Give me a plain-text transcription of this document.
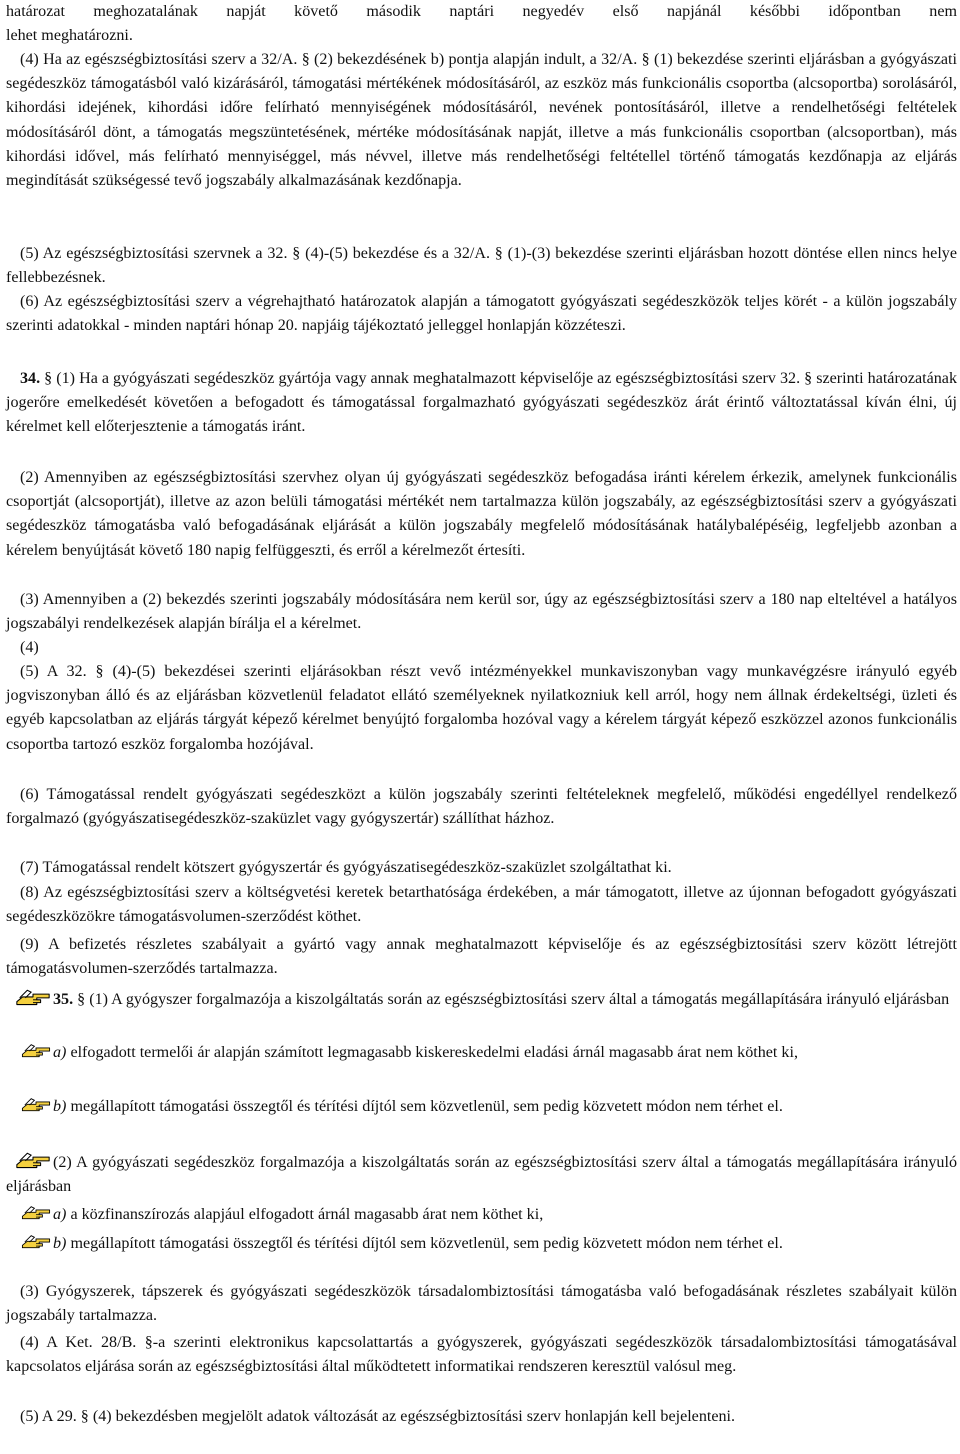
határozat meghozatalának napját követő második naptári negyedév első napjánál későbbi időpontban nem
lehet meghatározni.

(4) Ha az egészségbiztosítási szerv a 32/A. § (2) bekezdésének b) pontja alapján indult, a 32/A. § (1) bekezdése szerinti eljárásban a gyógyászati segédeszköz támogatásból való kizárásáról, támogatási mértékének módosításáról, az eszköz más funkcionális csoportba (alcsoportba) sorolásáról, kihordási idejének, kihordási időre felírható mennyiségének módosításáról, nevének pontosításáról, illetve a rendelhetőségi feltételek módosításáról dönt, a támogatás megszüntetésének, mértéke módosításának napját, illetve a más funkcionális csoportban (alcsoportban), más kihordási idővel, más felírható mennyiséggel, más névvel, illetve más rendelhetőségi feltétellel történő támogatás kezdőnapja az eljárás megindítását szükségessé tevő jogszabály alkalmazásának kezdőnapja.

(5) Az egészségbiztosítási szervnek a 32. § (4)-(5) bekezdése és a 32/A. § (1)-(3) bekezdése szerinti eljárásban hozott döntése ellen nincs helye fellebbezésnek.

(6) Az egészségbiztosítási szerv a végrehajtható határozatok alapján a támogatott gyógyászati segédeszközök teljes körét - a külön jogszabály szerinti adatokkal - minden naptári hónap 20. napjáig tájékoztató jelleggel honlapján közzéteszi.

34. § (1) Ha a gyógyászati segédeszköz gyártója vagy annak meghatalmazott képviselője az egészségbiztosítási szerv 32. § szerinti határozatának jogerőre emelkedését követően a befogadott és támogatással forgalmazható gyógyászati segédeszköz árát érintő változtatással kíván élni, új kérelmet kell előterjesztenie a támogatás iránt.

(2) Amennyiben az egészségbiztosítási szervhez olyan új gyógyászati segédeszköz befogadása iránti kérelem érkezik, amelynek funkcionális csoportját (alcsoportját), illetve az azon belüli támogatási mértékét nem tartalmazza külön jogszabály, az egészségbiztosítási szerv a gyógyászati segédeszköz támogatásba való befogadásának eljárását a külön jogszabály megfelelő módosításának hatálybalépéséig, legfeljebb azonban a kérelem benyújtását követő 180 napig felfüggeszti, és erről a kérelmezőt értesíti.

(3) Amennyiben a (2) bekezdés szerinti jogszabály módosítására nem kerül sor, úgy az egészségbiztosítási szerv a 180 nap elteltével a hatályos jogszabályi rendelkezések alapján bírálja el a kérelmet.

(4)

(5) A 32. § (4)-(5) bekezdései szerinti eljárásokban részt vevő intézményekkel munkaviszonyban vagy munkavégzésre irányuló egyéb jogviszonyban álló és az eljárásban közvetlenül feladatot ellátó személyeknek nyilatkozniuk kell arról, hogy nem állnak érdekeltségi, üzleti és egyéb kapcsolatban az eljárás tárgyát képező kérelmet benyújtó forgalomba hozóval vagy a kérelem tárgyát képező eszközzel azonos funkcionális csoportba tartozó eszköz forgalomba hozójával.

(6) Támogatással rendelt gyógyászati segédeszközt a külön jogszabály szerinti feltételeknek megfelelő, működési engedéllyel rendelkező forgalmazó (gyógyászatisegédeszköz-szaküzlet vagy gyógyszertár) szállíthat házhoz.

(7) Támogatással rendelt kötszert gyógyszertár és gyógyászatisegédeszköz-szaküzlet szolgáltathat ki.

(8) Az egészségbiztosítási szerv a költségvetési keretek betarthatósága érdekében, a már támogatott, illetve az újonnan befogadott gyógyászati segédeszközökre támogatásvolumen-szerződést köthet.

(9) A befizetés részletes szabályait a gyártó vagy annak meghatalmazott képviselője és az egészségbiztosítási szerv között létrejött támogatásvolumen-szerződés tartalmazza.

35. § (1) A gyógyszer forgalmazója a kiszolgáltatás során az egészségbiztosítási szerv által a támogatás megállapítására irányuló eljárásban

a) elfogadott termelői ár alapján számított legmagasabb kiskereskedelmi eladási árnál magasabb árat nem köthet ki,

b) megállapított támogatási összegtől és térítési díjtól sem közvetlenül, sem pedig közvetett módon nem térhet el.

(2) A gyógyászati segédeszköz forgalmazója a kiszolgáltatás során az egészségbiztosítási szerv által a támogatás megállapítására irányuló eljárásban

a) a közfinanszírozás alapjául elfogadott árnál magasabb árat nem köthet ki,

b) megállapított támogatási összegtől és térítési díjtól sem közvetlenül, sem pedig közvetett módon nem térhet el.

(3) Gyógyszerek, tápszerek és gyógyászati segédeszközök társadalombiztosítási támogatásba való befogadásának részletes szabályait külön jogszabály tartalmazza.

(4) A Ket. 28/B. §-a szerinti elektronikus kapcsolattartás a gyógyszerek, gyógyászati segédeszközök társadalombiztosítási támogatásával kapcsolatos eljárása során az egészségbiztosítási által működtetett informatikai rendszeren keresztül valósul meg.

(5) A 29. § (4) bekezdésben megjelölt adatok változását az egészségbiztosítási szerv honlapján kell bejelenteni.
